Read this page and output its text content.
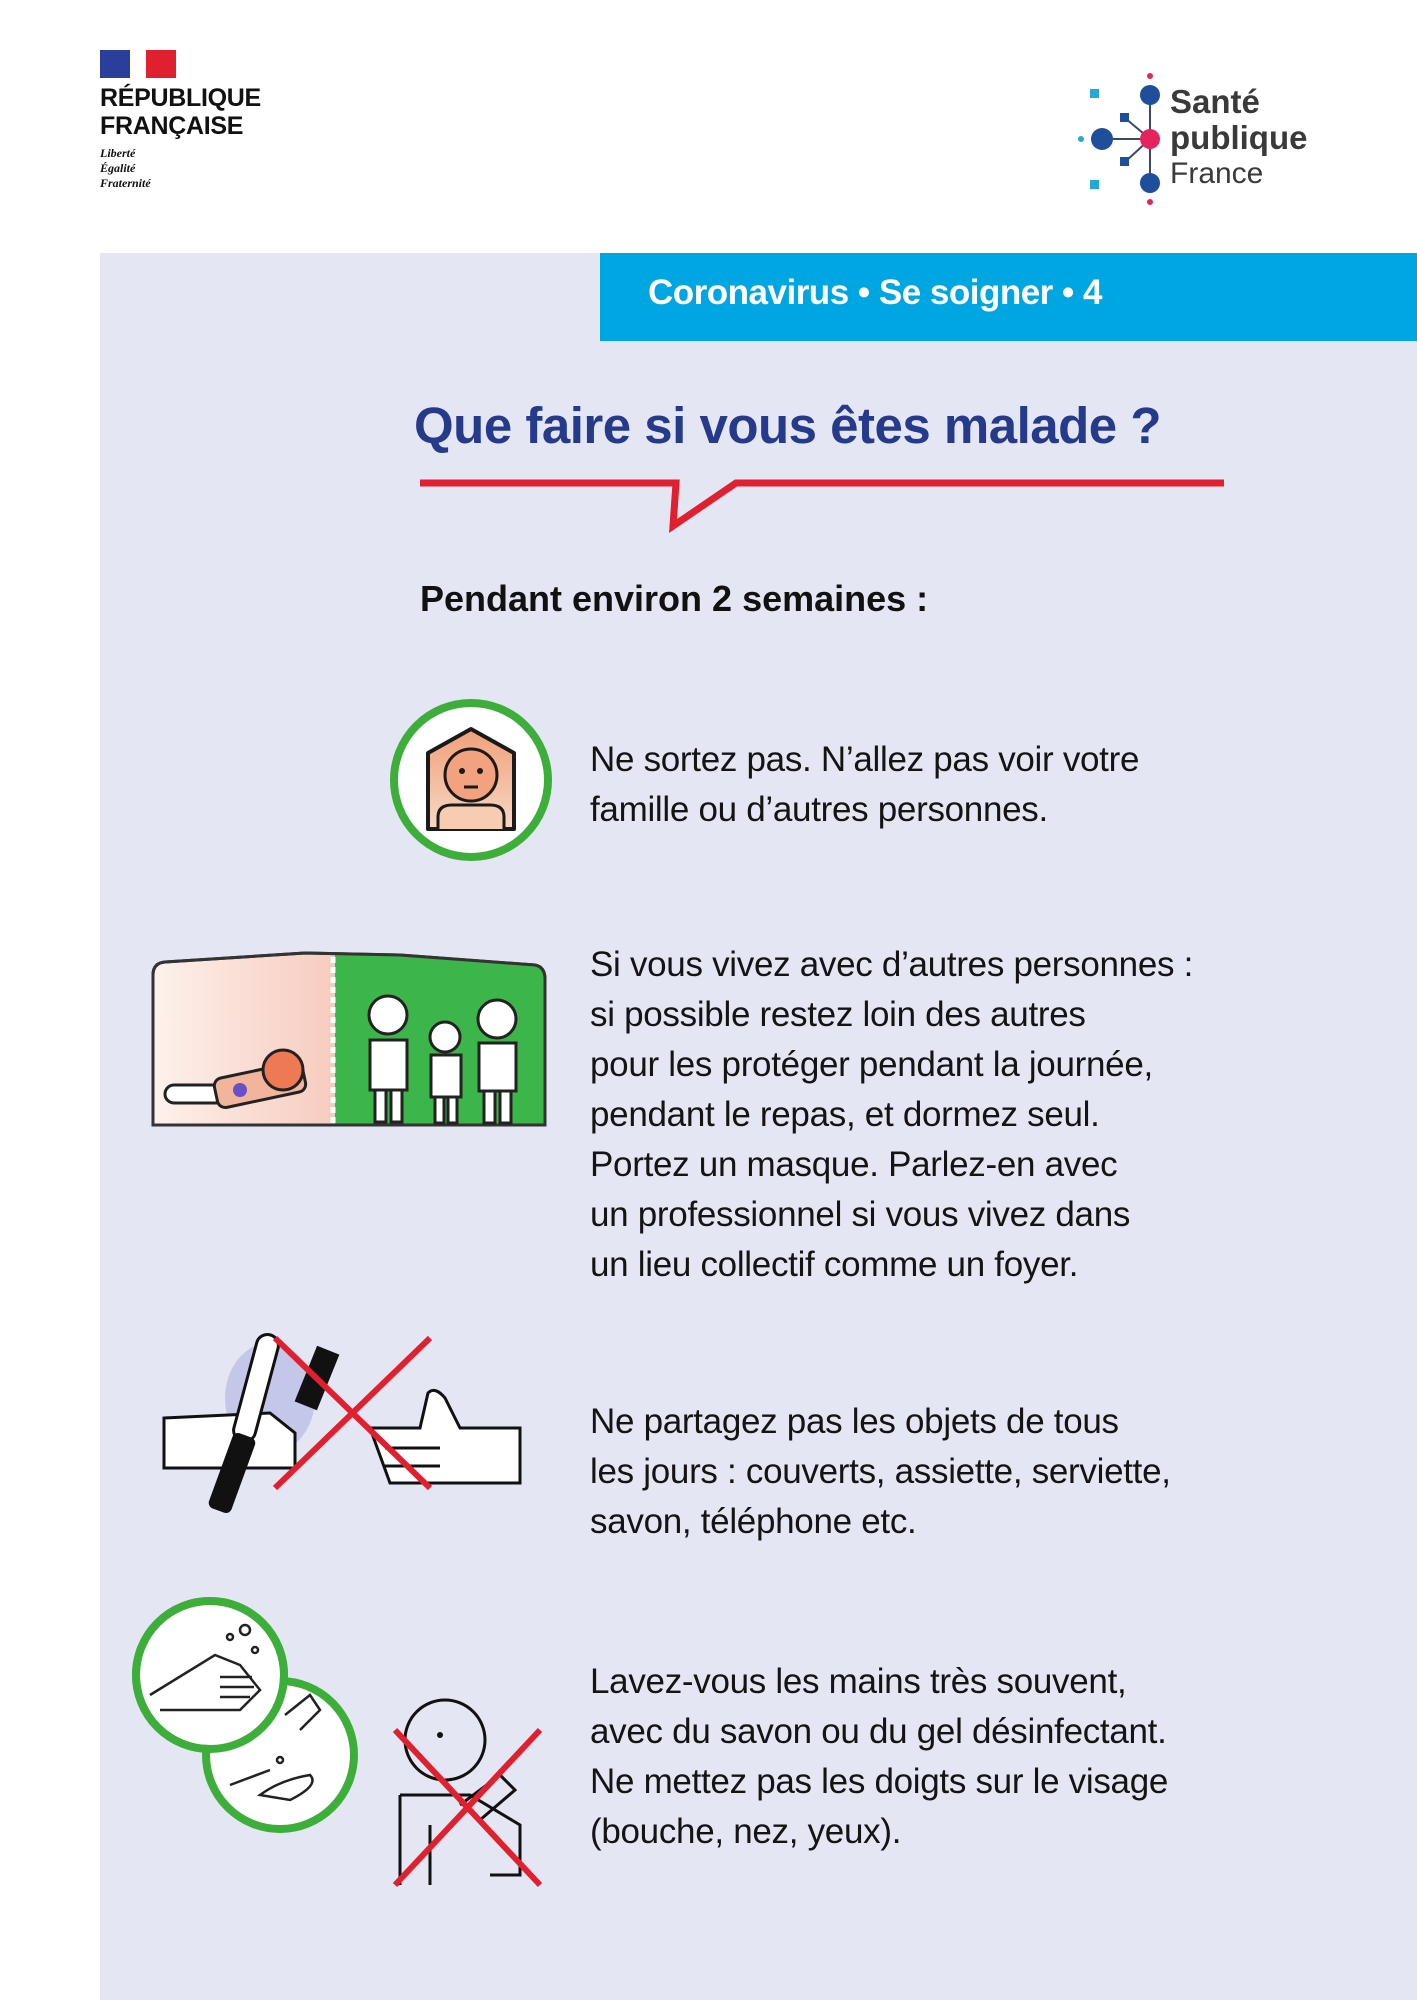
RÉPUBLIQUE
FRANÇAISE
Liberté
Égalité
Fraternité
Santé
publique
France
Coronavirus • Se soigner • 4
Que faire si vous êtes malade ?
Pendant environ 2 semaines :
Ne sortez pas. N’allez pas voir votre
famille ou d’autres personnes.
Si vous vivez avec d’autres personnes :
si possible restez loin des autres
pour les protéger pendant la journée,
pendant le repas, et dormez seul.
Portez un masque. Parlez-en avec
un professionnel si vous vivez dans
un lieu collectif comme un foyer.
Ne partagez pas les objets de tous
les jours : couverts, assiette, serviette,
savon, téléphone etc.
Lavez-vous les mains très souvent,
avec du savon ou du gel désinfectant.
Ne mettez pas les doigts sur le visage
(bouche, nez, yeux).
